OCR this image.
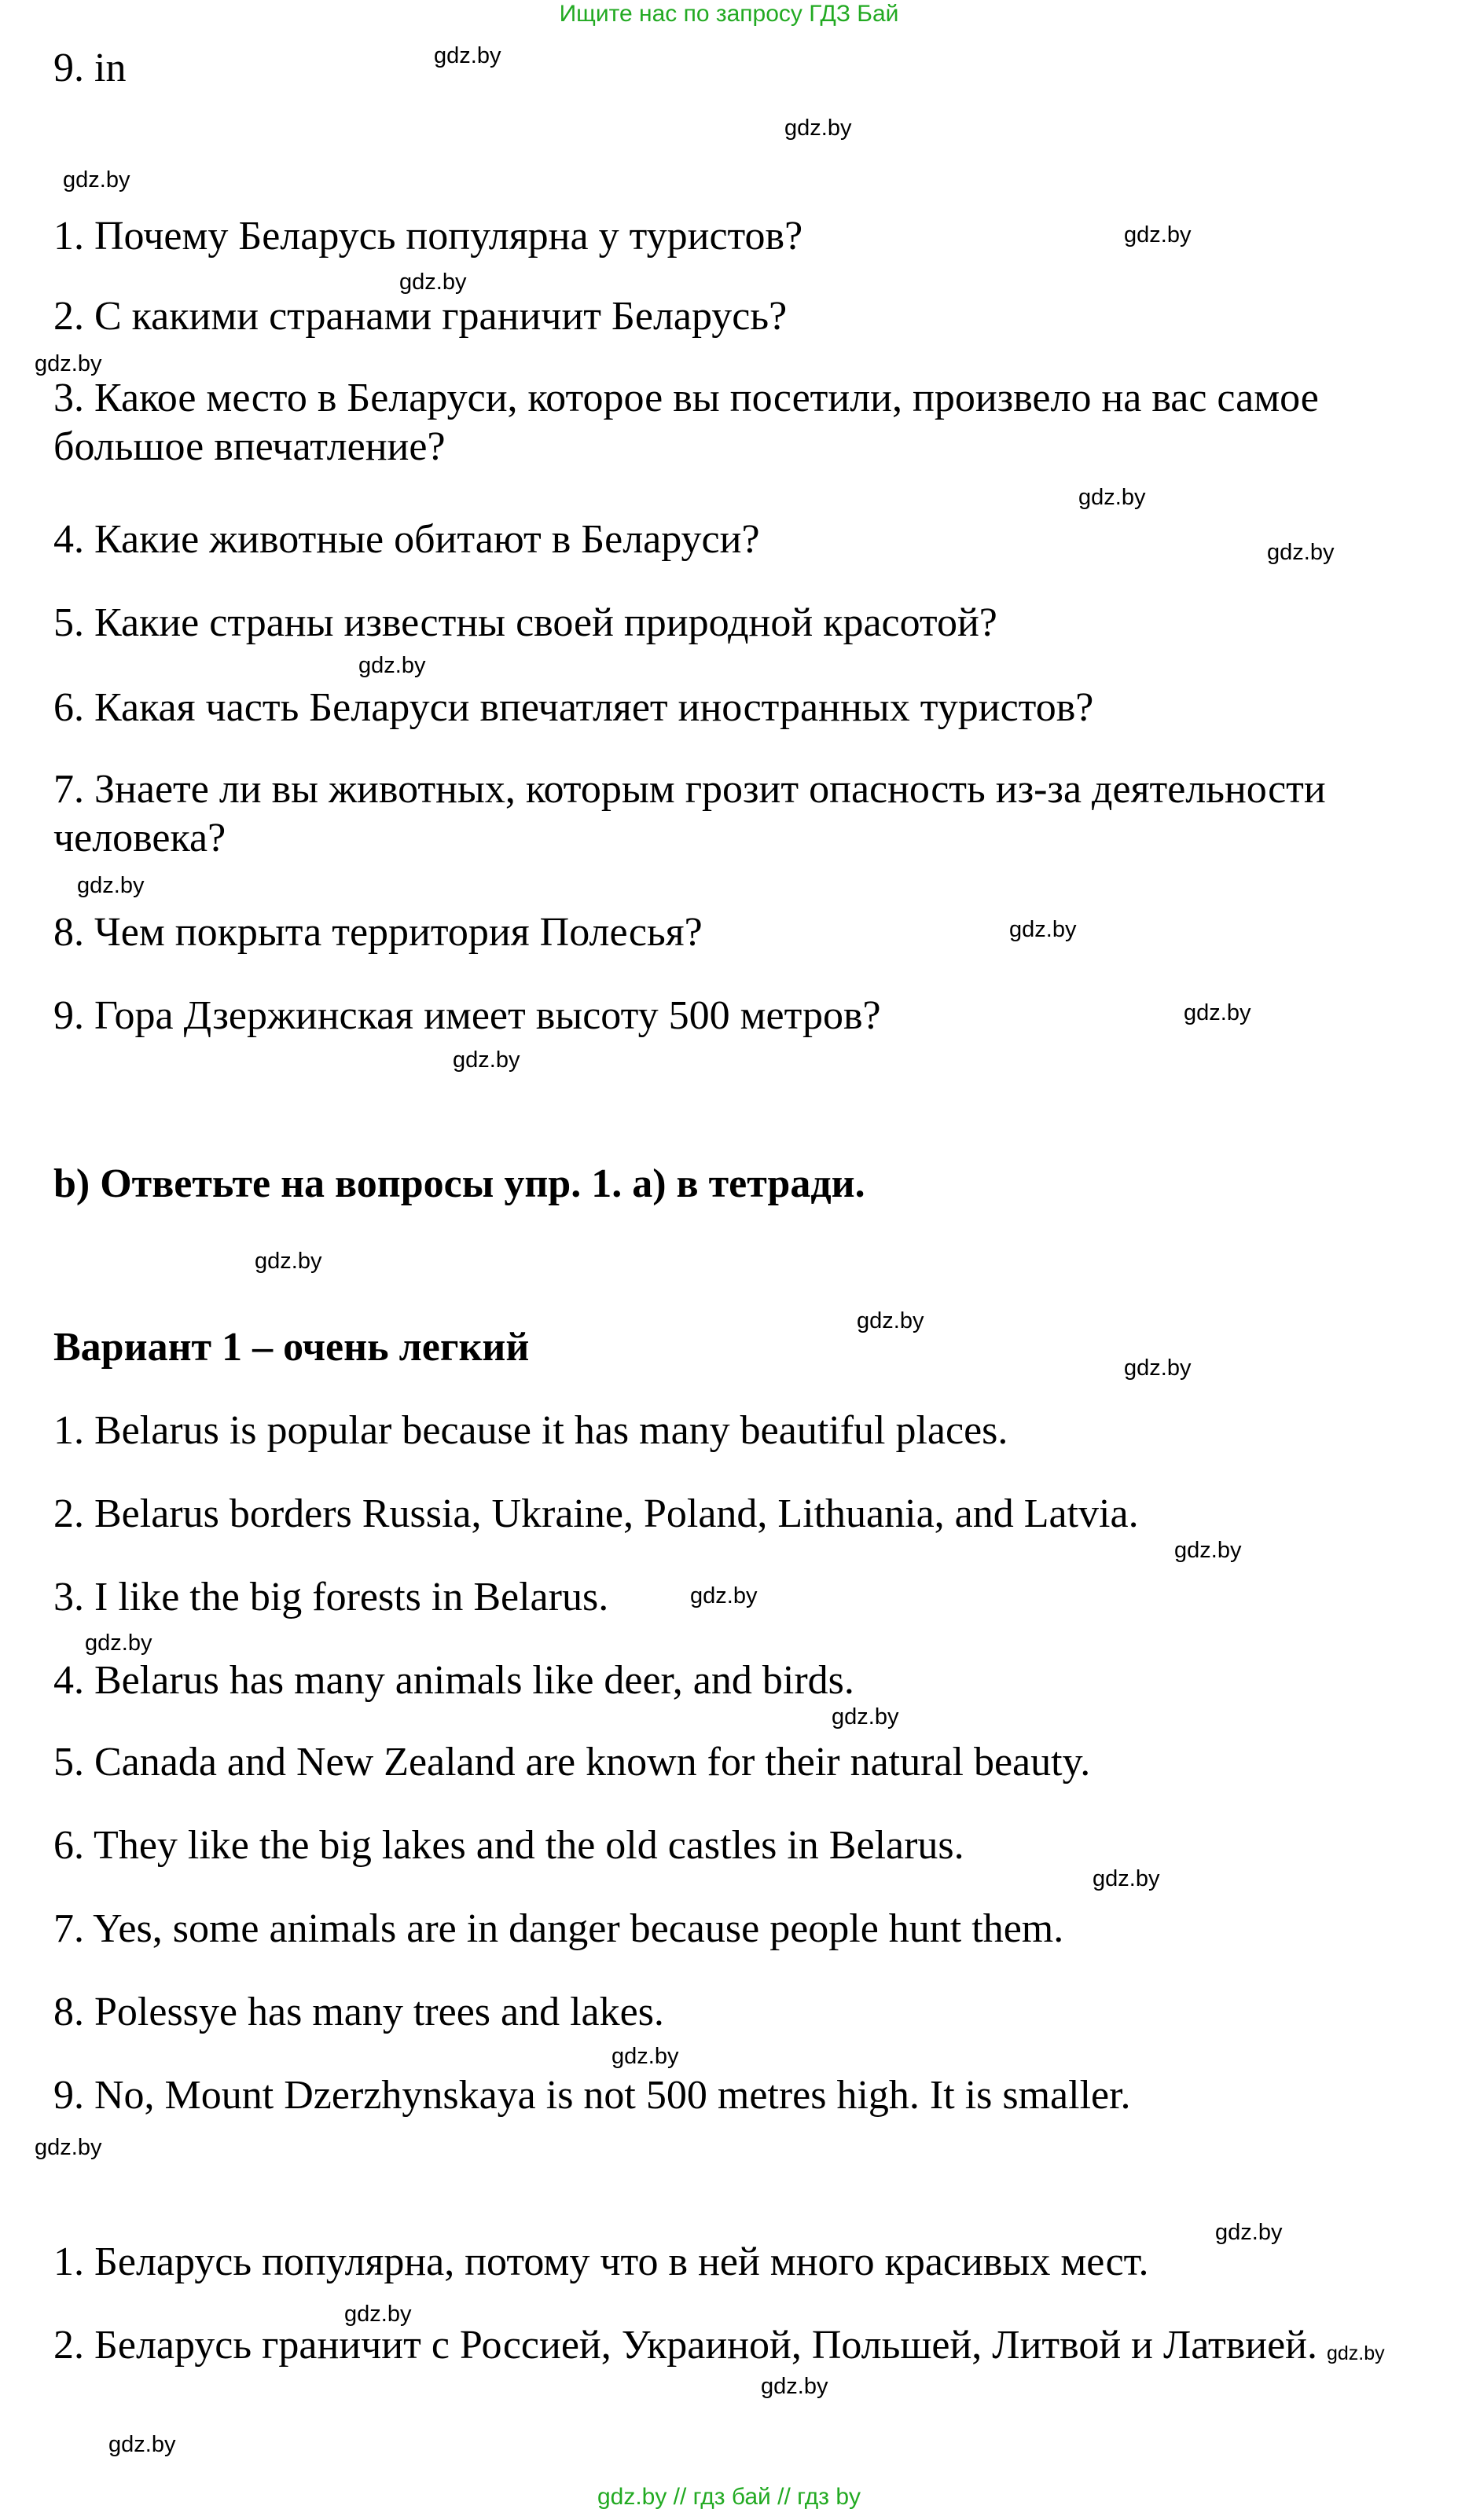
Ищите нас по запросу ГДЗ Бай
9. in
1. Почему Беларусь популярна у туристов?
2. С какими странами граничит Беларусь?
3. Какое место в Беларуси, которое вы посетили, произвело на вас самое большое впечатление?
4. Какие животные обитают в Беларуси?
5. Какие страны известны своей природной красотой?
6. Какая часть Беларуси впечатляет иностранных туристов?
7. Знаете ли вы животных, которым грозит опасность из-за деятельности человека?
8. Чем покрыта территория Полесья?
9. Гора Дзержинская имеет высоту 500 метров?
b) Ответьте на вопросы упр. 1. a) в тетради.
Вариант 1 – очень легкий
1. Belarus is popular because it has many beautiful places.
2. Belarus borders Russia, Ukraine, Poland, Lithuania, and Latvia.
3. I like the big forests in Belarus.
4. Belarus has many animals like deer, and birds.
5. Canada and New Zealand are known for their natural beauty.
6. They like the big lakes and the old castles in Belarus.
7. Yes, some animals are in danger because people hunt them.
8. Polessye has many trees and lakes.
9. No, Mount Dzerzhynskaya is not 500 metres high. It is smaller.
1. Беларусь популярна, потому что в ней много красивых мест.
2. Беларусь граничит с Россией, Украиной, Польшей, Литвой и Латвией.
gdz.by
gdz.by
gdz.by
gdz.by
gdz.by
gdz.by
gdz.by
gdz.by
gdz.by
gdz.by
gdz.by
gdz.by
gdz.by
gdz.by
gdz.by
gdz.by
gdz.by
gdz.by
gdz.by
gdz.by
gdz.by
gdz.by
gdz.by
gdz.by
gdz.by
gdz.by
gdz.by
gdz.by
gdz.by // гдз бай // гдз by
